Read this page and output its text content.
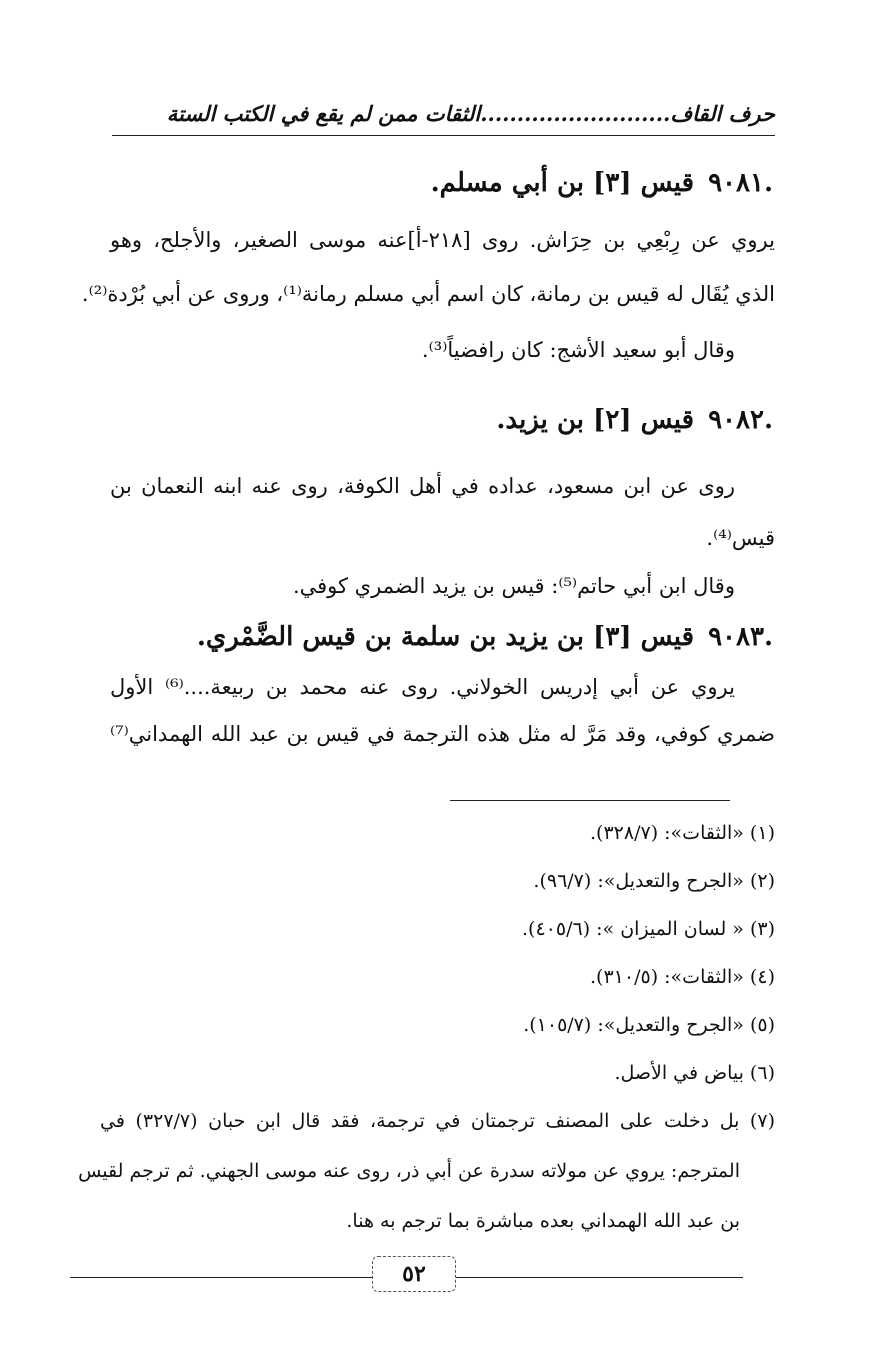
حرف القاف..........................الثقات ممن لم يقع في الكتب الستة
.٩٠٨١قيس [٣] بن أبي مسلم.
يروي عن رِبْعِي بن حِرَاش. روى [٢١٨-أ]عنه موسى الصغير، والأجلح، وهو
الذي يُقَال له قيس بن رمانة، كان اسم أبي مسلم رمانة⁽¹⁾، وروى عن أبي بُرْدة⁽²⁾.
وقال أبو سعيد الأشج: كان رافضياً⁽³⁾.
.٩٠٨٢قيس [٢] بن يزيد.
روى عن ابن مسعود، عداده في أهل الكوفة، روى عنه ابنه النعمان بن
قيس⁽⁴⁾.
وقال ابن أبي حاتم⁽⁵⁾: قيس بن يزيد الضمري كوفي.
.٩٠٨٣قيس [٣] بن يزيد بن سلمة بن قيس الضَّمْري.
يروي عن أبي إدريس الخولاني. روى عنه محمد بن ربيعة....⁽⁶⁾ الأول
ضمري كوفي، وقد مَرَّ له مثل هذه الترجمة في قيس بن عبد الله الهمداني⁽⁷⁾
(١) «الثقات»: (٣٢٨/٧).
(٢) «الجرح والتعديل»: (٩٦/٧).
(٣) « لسان الميزان »: (٤٠٥/٦).
(٤) «الثقات»: (٣١٠/٥).
(٥) «الجرح والتعديل»: (١٠٥/٧).
(٦) بياض في الأصل.
(٧) بل دخلت على المصنف ترجمتان في ترجمة، فقد قال ابن حبان (٣٢٧/٧) في
المترجم: يروي عن مولاته سدرة عن أبي ذر، روى عنه موسى الجهني. ثم ترجم لقيس
بن عبد الله الهمداني بعده مباشرة بما ترجم به هنا.
٥٢
